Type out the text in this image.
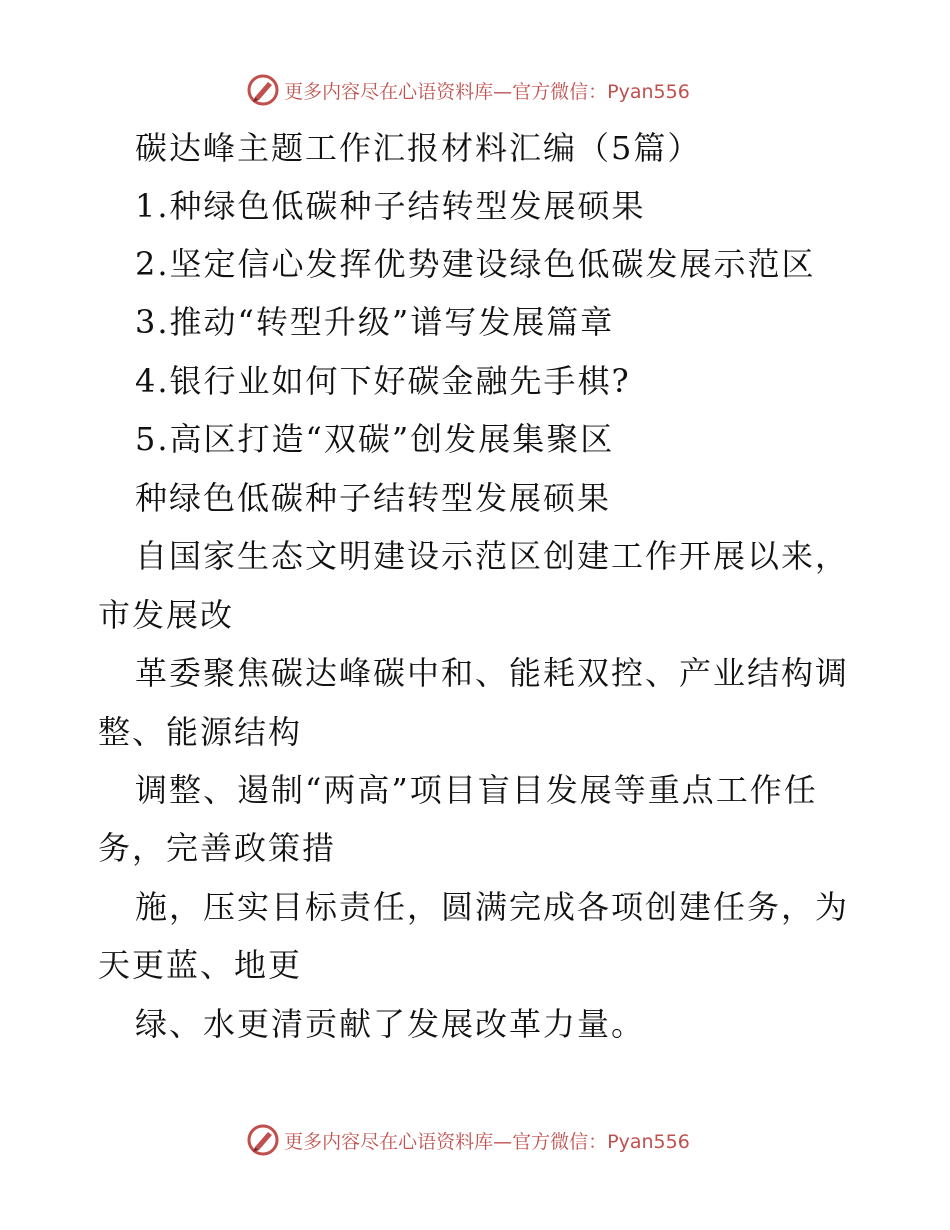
更多内容尽在心语资料库—官方微信：Pyan556
碳达峰主题工作汇报材料汇编（5篇）
1.种绿色低碳种子结转型发展硕果
2.坚定信心发挥优势建设绿色低碳发展示范区
3.推动“转型升级”谱写发展篇章
4.银行业如何下好碳金融先手棋?
5.高区打造“双碳”创发展集聚区
种绿色低碳种子结转型发展硕果
自国家生态文明建设示范区创建工作开展以来，
市发展改
革委聚焦碳达峰碳中和、能耗双控、产业结构调
整、能源结构
调整、遏制“两高”项目盲目发展等重点工作任
务，完善政策措
施，压实目标责任，圆满完成各项创建任务，为
天更蓝、地更
绿、水更清贡献了发展改革力量。
更多内容尽在心语资料库—官方微信：Pyan556
